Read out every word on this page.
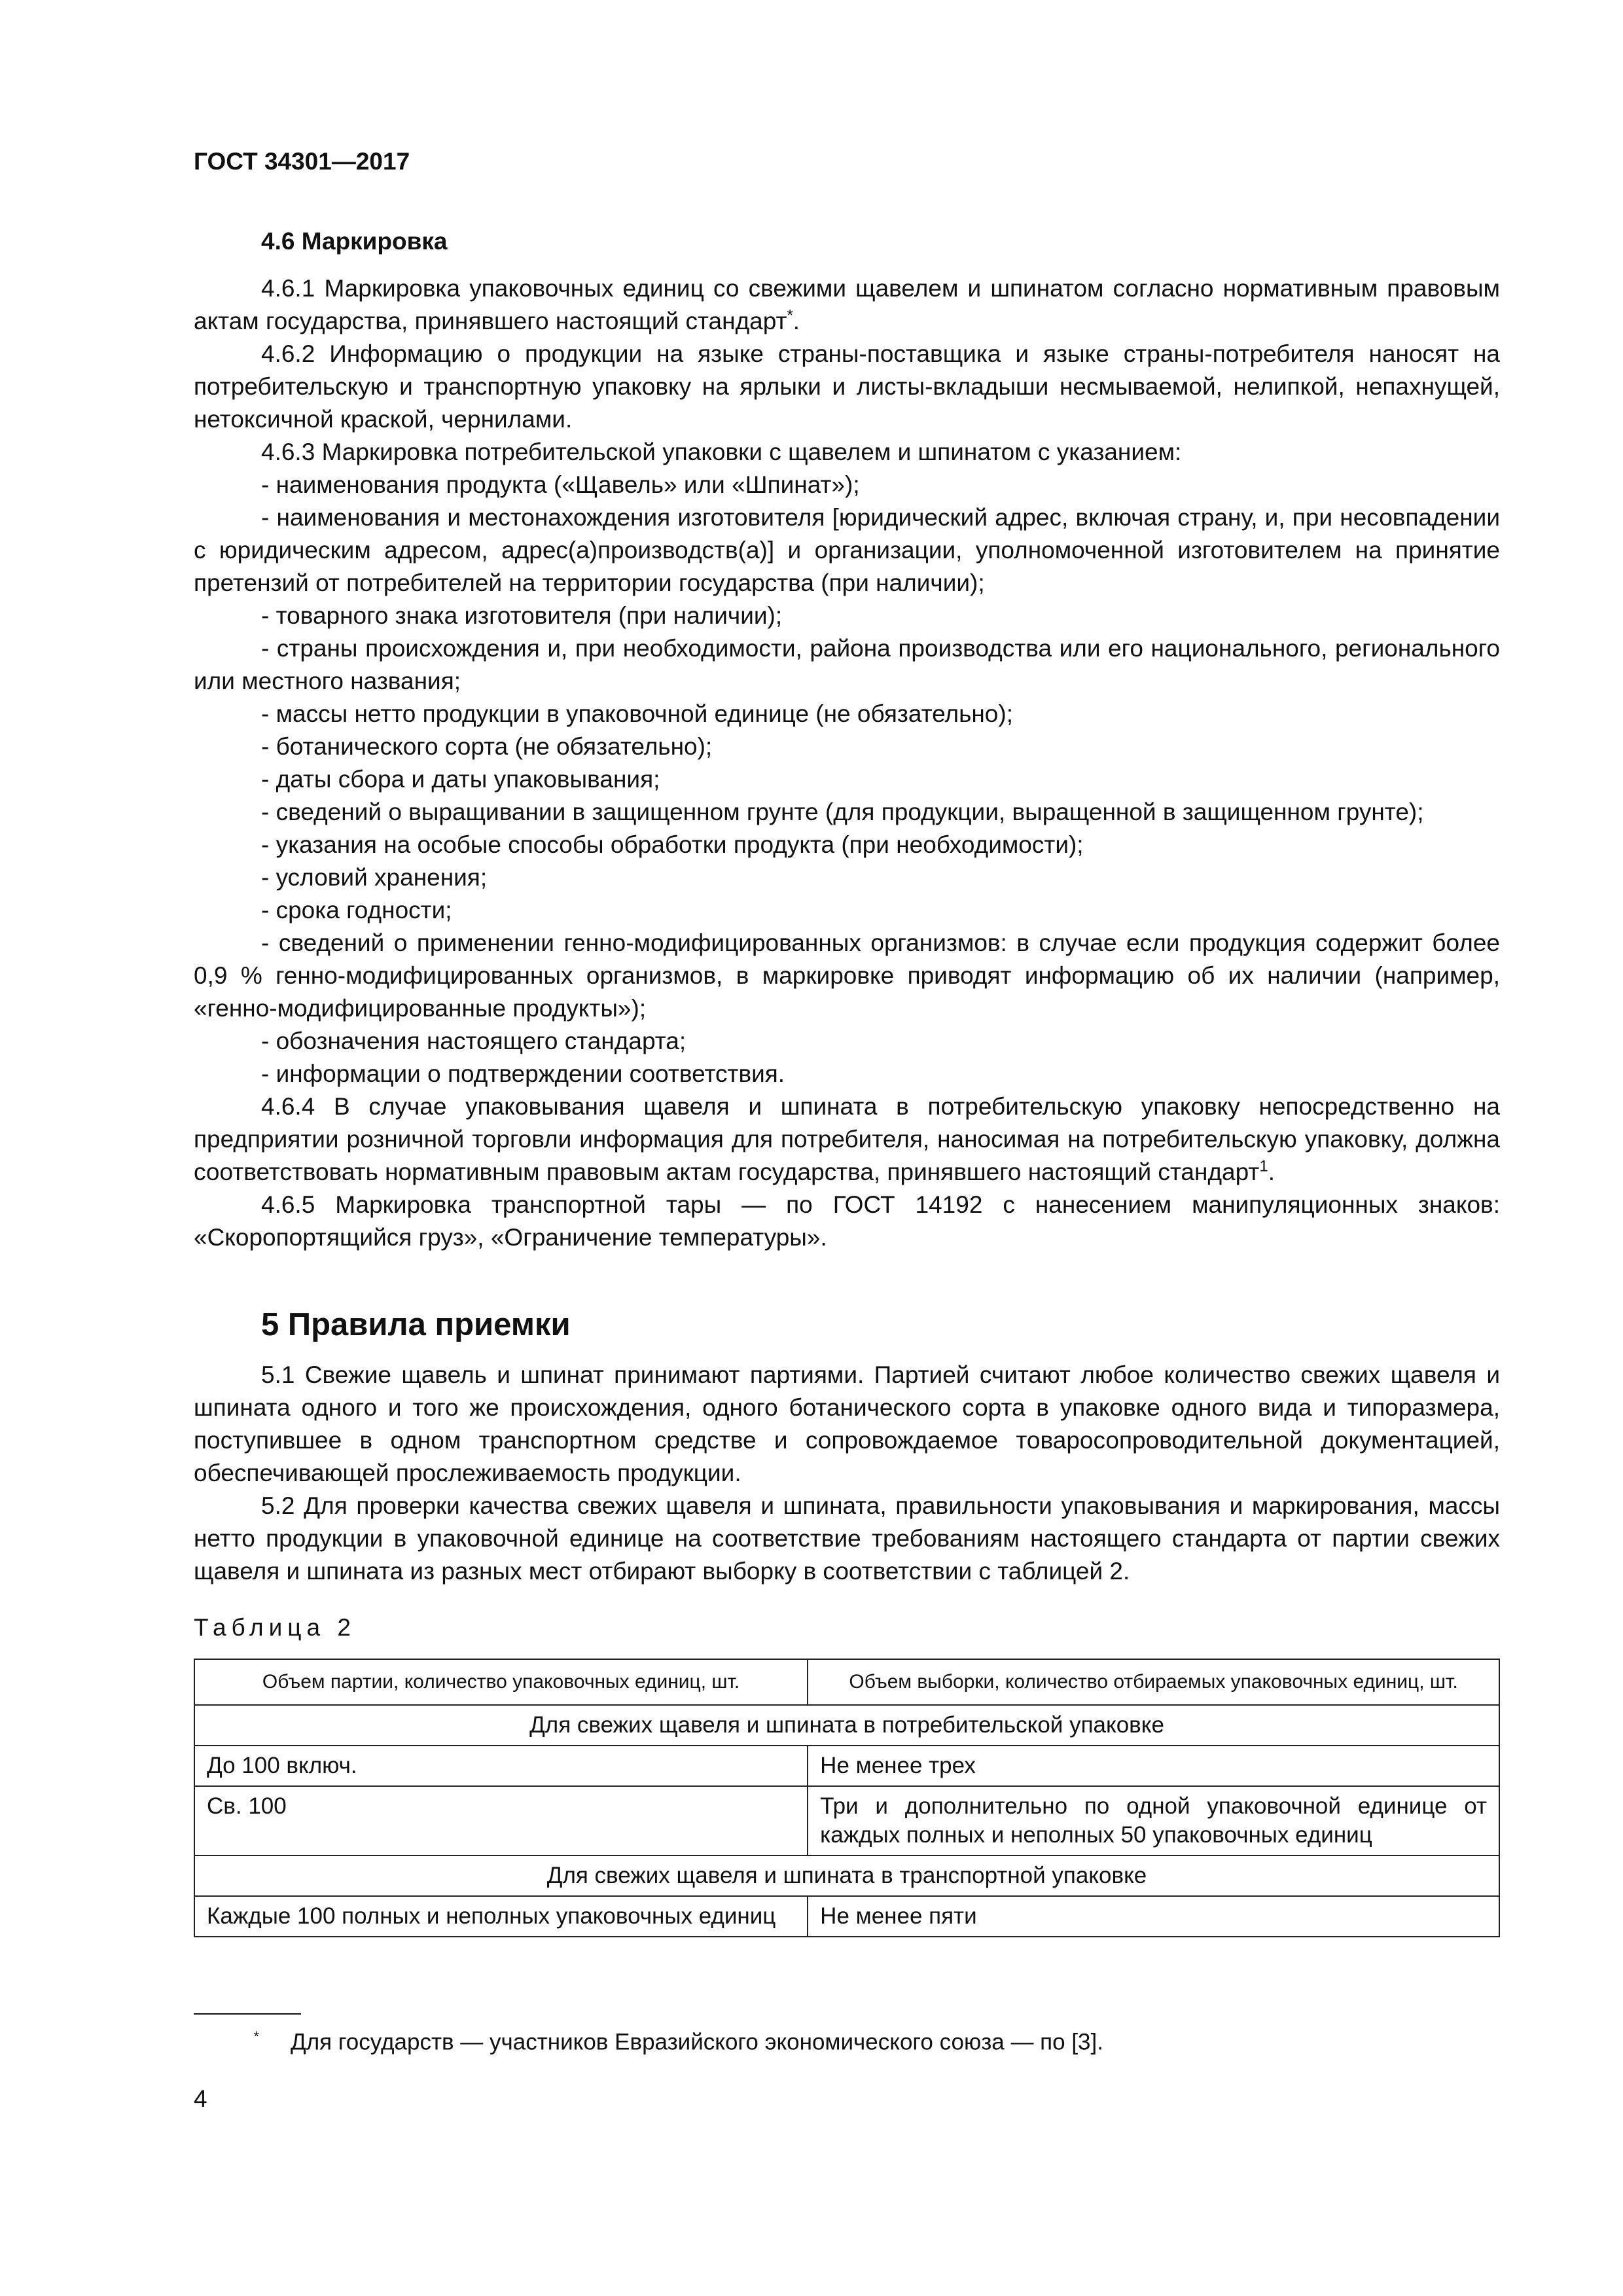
ГОСТ 34301—2017

4.6 Маркировка

4.6.1 Маркировка упаковочных единиц со свежими щавелем и шпинатом согласно нормативным правовым актам государства, принявшего настоящий стандарт*.

4.6.2 Информацию о продукции на языке страны-поставщика и языке страны-потребителя наносят на потребительскую и транспортную упаковку на ярлыки и листы-вкладыши несмываемой, нелипкой, непахнущей, нетоксичной краской, чернилами.

4.6.3 Маркировка потребительской упаковки с щавелем и шпинатом с указанием:

- наименования продукта («Щавель» или «Шпинат»);

- наименования и местонахождения изготовителя [юридический адрес, включая страну, и, при несовпадении с юридическим адресом, адрес(а)производств(а)] и организации, уполномоченной изготовителем на принятие претензий от потребителей на территории государства (при наличии);

- товарного знака изготовителя (при наличии);

- страны происхождения и, при необходимости, района производства или его национального, регионального или местного названия;

- массы нетто продукции в упаковочной единице (не обязательно);

- ботанического сорта (не обязательно);

- даты сбора и даты упаковывания;

- сведений о выращивании в защищенном грунте (для продукции, выращенной в защищенном грунте);

- указания на особые способы обработки продукта (при необходимости);

- условий хранения;

- срока годности;

- сведений о применении генно-модифицированных организмов: в случае если продукция содержит более 0,9 % генно-модифицированных организмов, в маркировке приводят информацию об их наличии (например, «генно-модифицированные продукты»);

- обозначения настоящего стандарта;

- информации о подтверждении соответствия.

4.6.4 В случае упаковывания щавеля и шпината в потребительскую упаковку непосредственно на предприятии розничной торговли информация для потребителя, наносимая на потребительскую упаковку, должна соответствовать нормативным правовым актам государства, принявшего настоящий стандарт$^1$.

4.6.5 Маркировка транспортной тары — по ГОСТ 14192 с нанесением манипуляционных знаков: «Скоропортящийся груз», «Ограничение температуры».

5 Правила приемки

5.1 Свежие щавель и шпинат принимают партиями. Партией считают любое количество свежих щавеля и шпината одного и того же происхождения, одного ботанического сорта в упаковке одного вида и типоразмера, поступившее в одном транспортном средстве и сопровождаемое товаросопроводительной документацией, обеспечивающей прослеживаемость продукции.

5.2 Для проверки качества свежих щавеля и шпината, правильности упаковывания и маркирования, массы нетто продукции в упаковочной единице на соответствие требованиям настоящего стандарта от партии свежих щавеля и шпината из разных мест отбирают выборку в соответствии с таблицей 2.

Таблица 2

Объем партии, количество упаковочных единиц, шт.	Объем выборки, количество отбираемых упаковочных единиц, шт.
Для свежих щавеля и шпината в потребительской упаковке	
До 100 включ.	Не менее трех
Св. 100	Три и дополнительно по одной упаковочной единице от каждых полных и неполных 50 упаковочных единиц
Для свежих щавеля и шпината в транспортной упаковке	
Каждые 100 полных и неполных упаковочных единиц	Не менее пяти
* Для государств — участников Евразийского экономического союза — по [3].
4
